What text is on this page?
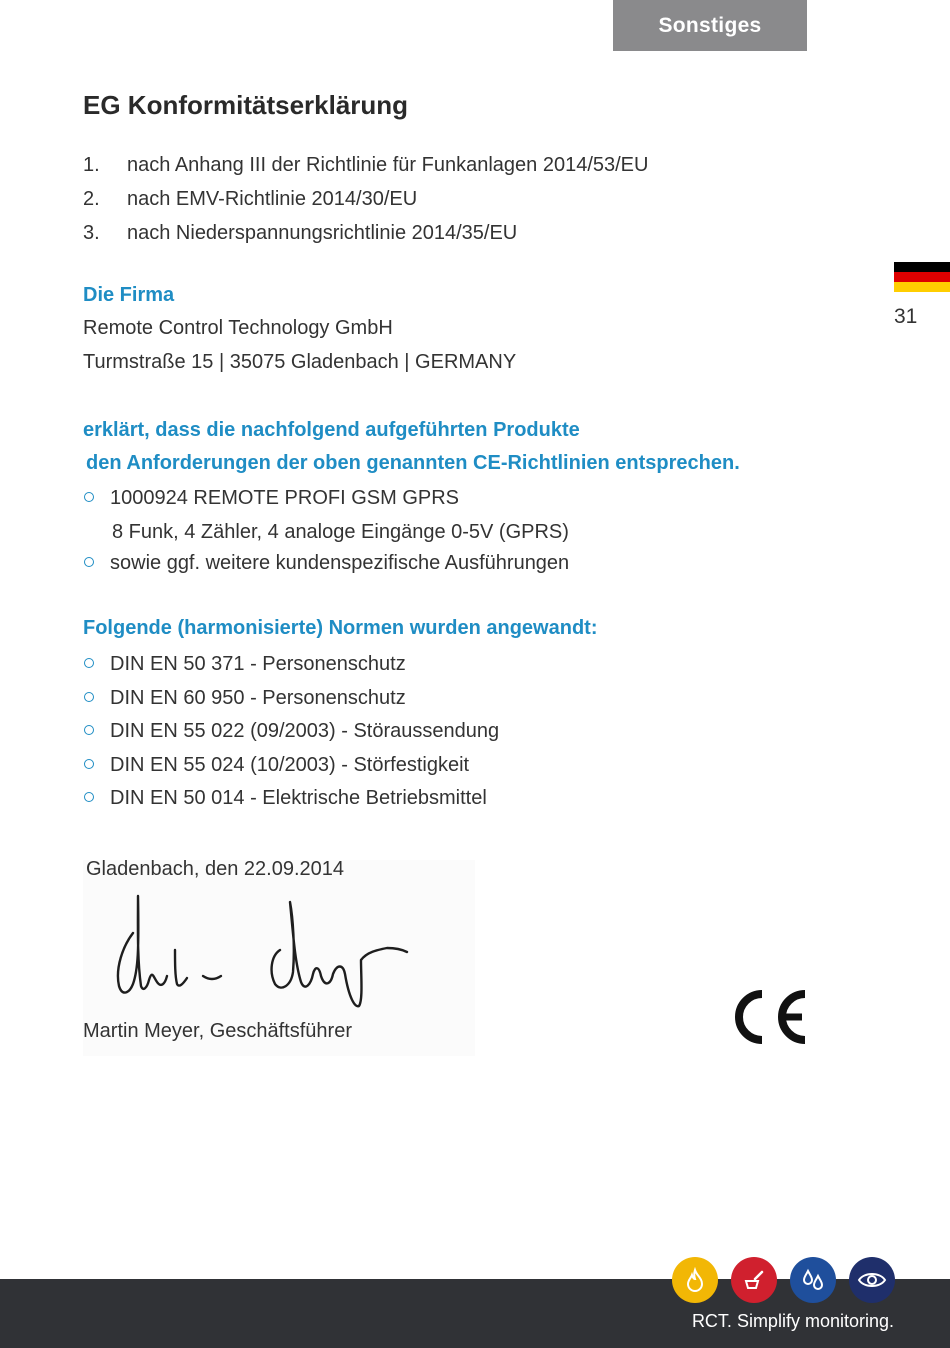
Sonstiges
31
EG Konformitätserklärung
1.	nach Anhang III der Richtlinie für Funkanlagen 2014/53/EU
2.	nach EMV-Richtlinie 2014/30/EU
3.	nach Niederspannungsrichtlinie 2014/35/EU
Die Firma
Remote Control Technology GmbH
Turmstraße 15 | 35075 Gladenbach | GERMANY
erklärt, dass die nachfolgend aufgeführten Produkte
den Anforderungen der oben genannten CE-Richtlinien entsprechen.
1000924 REMOTE PROFI GSM GPRS
8 Funk, 4 Zähler, 4 analoge Eingänge 0-5V (GPRS)
sowie ggf. weitere kundenspezifische Ausführungen
Folgende (harmonisierte) Normen wurden angewandt:
DIN EN 50 371 - Personenschutz
DIN EN 60 950 - Personenschutz
DIN EN 55 022 (09/2003) - Störaussendung
DIN EN 55 024 (10/2003) - Störfestigkeit
DIN EN 50 014 - Elektrische Betriebsmittel
Gladenbach, den 22.09.2014
Martin Meyer, Geschäftsführer
RCT. Simplify monitoring.
